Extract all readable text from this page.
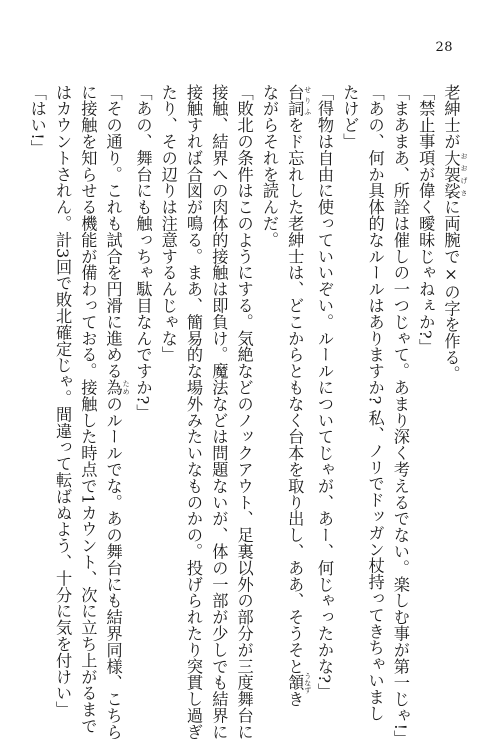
28

老紳士が大袈裟 おおげさに両腕で×の字を作る。

「禁止事項が偉く曖昧じゃねぇか?」

「まあまあ、所詮は催しの一つじゃて。あまり深く考えるでない。楽しむ事が第一じゃ!」

「あの、何か具体的なルールはありますか? 私、ノリでドッガン杖持ってきちゃいまし

たけど」

「得物は自由に使っていいぞい。ルールについてじゃが、あー、何じゃったかな?」

台詞 せりふをド忘れした老紳士は、どこからともなく台本を取り出し、ああ、そうそと頷 うなずき

ながらそれを読んだ。

「敗北の条件はこのようにする。気絶などのノックアウト、足裏以外の部分が三度舞台に

接触、結界への肉体的接触は即負け。魔法などは問題ないが、体の一部が少しでも結界に

接触すれば合図が鳴る。まあ、簡易的な場外みたいなものかの。投げられたり突貫し過ぎ

たり、その辺りは注意するんじゃな」

「あの、舞台にも触っちゃ駄目なんですか?」

「その通り。これも試合を円滑に進める為 ためのルールでな。あの舞台にも結界同様、こちら

に接触を知らせる機能が備わっておる。接触した時点で1カウント、次に立ち上がるまで

はカウントされん。計3回で敗北確定じゃ。間違って転ばぬよう、十分に気を付けい」

「はい!」
